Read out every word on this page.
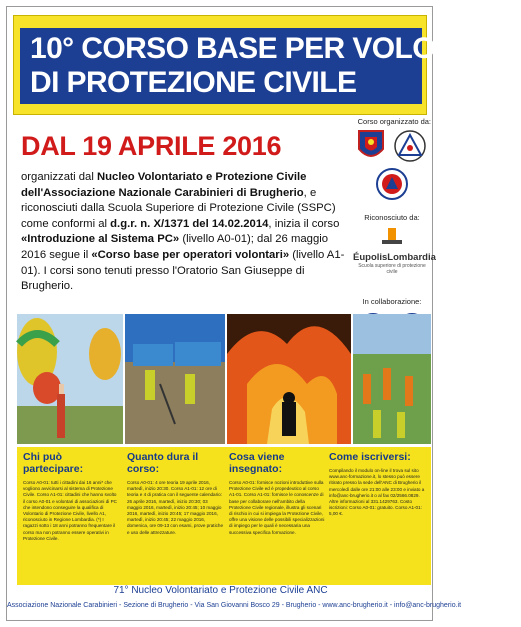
10° CORSO BASE PER VOLONTARI
DI PROTEZIONE CIVILE
DAL 19 APRILE 2016
organizzati dal Nucleo Volontariato e Protezione Civile dell'Associazione Nazionale Carabinieri di Brugherio, e riconosciuti dalla Scuola Superiore di Protezione Civile (SSPC) come conformi al d.g.r. n. X/1371 del 14.02.2014, inizia il corso «Introduzione al Sistema PC» (livello A0-01); dal 26 maggio 2016 segue il «Corso base per operatori volontari» (livello A1-01). I corsi sono tenuti presso l'Oratorio San Giuseppe di Brugherio.
Corso organizzato da:
Riconosciuto da:
ÉupolisLombardia
Scuola superiore di protezione civile
In collaborazione:
Chi può partecipare:
Corso A0-01: tutti i cittadini dai 16 anni* che vogliono avvicinarsi al sistema di Protezione Civile. Corso A1-01: cittadini che hanno svolto il corso A0-01 e volontari di associazioni di PC che intendono conseguire la qualifica di Volontario di Protezione Civile, livello A1, riconosciuto in Regione Lombardia. (*) I ragazzi sotto i 18 anni potranno frequentare il corso ma non potranno essere operativi in Protezione Civile.
Quanto dura il corso:
Corso A0-01: 4 ore teoria 19 aprile 2016, martedì, inizio 20:30. Corso A1-01: 12 ore di teoria e 4 di pratica con il seguente calendario: 26 aprile 2016, martedì, inizio 20:30; 03 maggio 2016, martedì, inizio 20:45; 10 maggio 2016, martedì, inizio 20:45; 17 maggio 2016, martedì, inizio 20:45; 22 maggio 2016, domenica, ore 09-13 con esami, prove pratiche e uso delle attrezzature.
Cosa viene insegnato:
Corso A0-01: fornisce nozioni introduttive sulla Protezione Civile ed è propedeutico al corso A1-01. Corso A1-01: fornisce le conoscenze di base per collaborare nell'ambito della Protezione Civile regionale, illustra gli scenari di rischio in cui si impiega la Protezione Civile, offre una visione delle possibili specializzazioni di impiego per le quali è necessaria una successiva specifica formazione.
Come iscriversi:
Compilando il modulo on-line il trova sul sito www.anc-formazione.it, lo stesso può essere ritirato presso la sede dell'ANC di Brugherio il mercoledì dalle ore 21:00 alle 23:00 e inviato a info@anc-brugherio.it o al fax 02/2566.0829. Altre informazioni al 331.1429763. Costo iscrizioni: Corso A0-01: gratuito. Corso A1-01: 5,00 €.
71° Nucleo Volontariato e Protezione Civile ANC
Associazione Nazionale Carabinieri - Sezione di Brugherio - Via San Giovanni Bosco 29 - Brugherio - www.anc-brugherio.it - info@anc-brugherio.it
